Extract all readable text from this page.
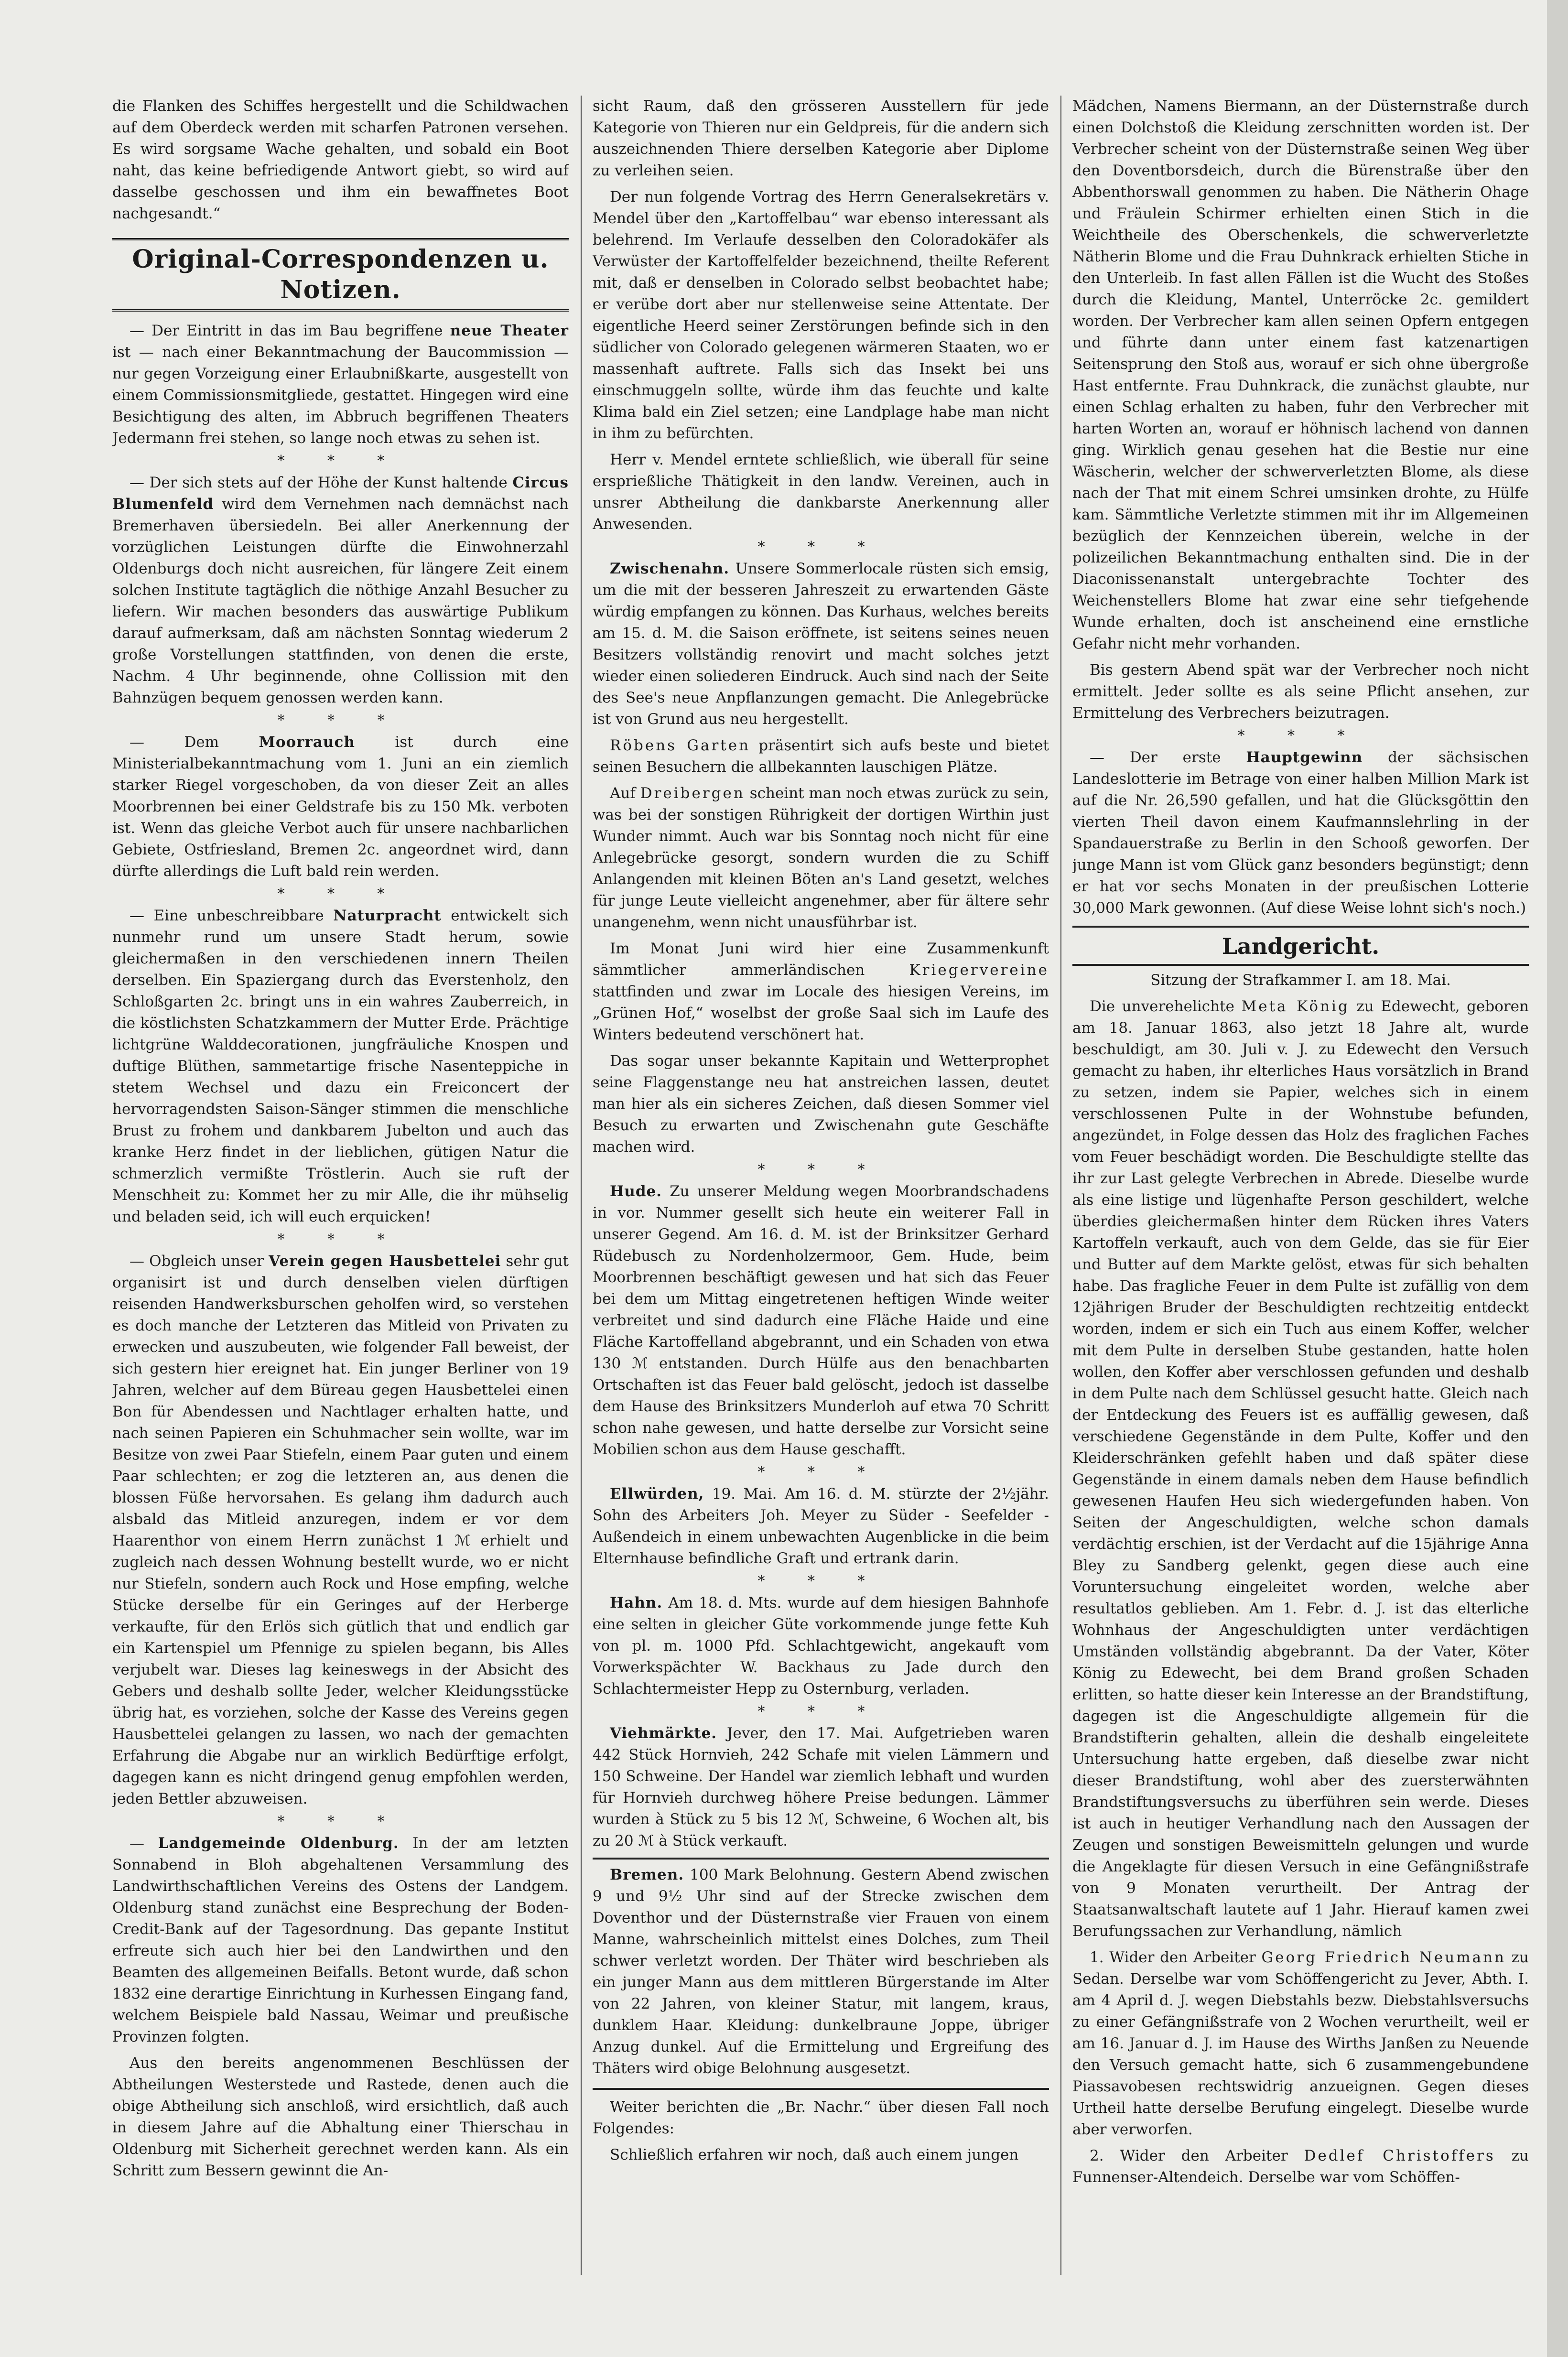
die Flanken des Schiffes hergestellt und die Schildwachen auf dem Oberdeck werden mit scharfen Patronen versehen. Es wird sorgsame Wache gehalten, und sobald ein Boot naht, das keine befriedigende Antwort giebt, so wird auf dasselbe geschossen und ihm ein bewaffnetes Boot nachgesandt.“

Original-Correspondenzen u. Notizen.

— Der Eintritt in das im Bau begriffene neue Theater ist — nach einer Bekanntmachung der Baucommission — nur gegen Vorzeigung einer Erlaubnißkarte, ausgestellt von einem Commissionsmitgliede, gestattet. Hingegen wird eine Besichtigung des alten, im Abbruch begriffenen Theaters Jedermann frei stehen, so lange noch etwas zu sehen ist.

* * *

— Der sich stets auf der Höhe der Kunst haltende Circus Blumenfeld wird dem Vernehmen nach demnächst nach Bremerhaven übersiedeln. Bei aller Anerkennung der vorzüglichen Leistungen dürfte die Einwohnerzahl Oldenburgs doch nicht ausreichen, für längere Zeit einem solchen Institute tagtäglich die nöthige Anzahl Besucher zu liefern. Wir machen besonders das auswärtige Publikum darauf aufmerksam, daß am nächsten Sonntag wiederum 2 große Vorstellungen stattfinden, von denen die erste, Nachm. 4 Uhr beginnende, ohne Collission mit den Bahnzügen bequem genossen werden kann.

* * *

— Dem	Moorrauch	ist durch eine Ministerialbekanntmachung vom 1. Juni an ein ziemlich starker Riegel vorgeschoben, da von dieser Zeit an alles Moorbrennen bei einer Geldstrafe bis zu 150 Mk. verboten ist. Wenn das gleiche Verbot auch für unsere nachbarlichen Gebiete, Ostfriesland, Bremen 2c. angeordnet wird, dann dürfte allerdings die Luft bald rein werden.

* * *

— Eine unbeschreibbare Naturpracht entwickelt sich nunmehr rund um unsere Stadt herum, sowie gleichermaßen in den verschiedenen innern Theilen derselben. Ein Spaziergang durch das Everstenholz, den Schloßgarten 2c. bringt uns in ein wahres Zauberreich, in die köstlichsten Schatzkammern der Mutter Erde. Prächtige lichtgrüne Walddecorationen, jungfräuliche Knospen und duftige Blüthen, sammetartige frische Nasenteppiche in stetem Wechsel und dazu ein Freiconcert der hervorragendsten Saison-Sänger stimmen die menschliche Brust zu frohem und dankbarem Jubelton und auch das kranke Herz findet in der lieblichen, gütigen Natur die schmerzlich vermißte Tröstlerin. Auch sie ruft der Menschheit zu: Kommet her zu mir Alle, die ihr mühselig und beladen seid, ich will euch erquicken!

* * *

— Obgleich unser Verein gegen Hausbettelei sehr gut organisirt ist und durch denselben vielen dürftigen reisenden Handwerksburschen geholfen wird, so verstehen es doch manche der Letzteren das Mitleid von Privaten zu erwecken und auszubeuten, wie folgender Fall beweist, der sich gestern hier ereignet hat. Ein junger Berliner von 19 Jahren, welcher auf dem Büreau gegen Hausbettelei einen Bon für Abendessen und Nachtlager erhalten hatte, und nach seinen Papieren ein Schuhmacher sein wollte, war im Besitze von zwei Paar Stiefeln, einem Paar guten und einem Paar schlechten; er zog die letzteren an, aus denen die blossen Füße hervorsahen. Es gelang ihm dadurch auch alsbald das Mitleid anzuregen, indem er vor dem Haarenthor von einem Herrn zunächst 1 ℳ erhielt und zugleich nach dessen Wohnung bestellt wurde, wo er nicht nur Stiefeln, sondern auch Rock und Hose empfing, welche Stücke derselbe für ein Geringes auf der Herberge verkaufte, für den Erlös sich gütlich that und endlich gar ein Kartenspiel um Pfennige zu spielen begann, bis Alles verjubelt war. Dieses lag keineswegs in der Absicht des Gebers und deshalb sollte Jeder, welcher Kleidungsstücke übrig hat, es vorziehen, solche der Kasse des Vereins gegen Hausbettelei gelangen zu lassen, wo nach der gemachten Erfahrung die Abgabe nur an wirklich Bedürftige erfolgt, dagegen kann es nicht dringend genug empfohlen werden, jeden Bettler abzuweisen.

* * *

— Landgemeinde Oldenburg. In der am letzten Sonnabend in Bloh abgehaltenen Versammlung des Landwirthschaftlichen Vereins des Ostens der Landgem. Oldenburg stand zunächst eine Besprechung der Boden-Credit-Bank auf der Tagesordnung. Das gepante Institut erfreute sich auch hier bei den Landwirthen und den Beamten des allgemeinen Beifalls. Betont wurde, daß schon 1832 eine derartige Einrichtung in Kurhessen Eingang fand, welchem Beispiele bald Nassau, Weimar und preußische Provinzen folgten.

Aus den bereits angenommenen Beschlüssen der Abtheilungen Westerstede und Rastede, denen auch die obige Abtheilung sich anschloß, wird ersichtlich, daß auch in diesem Jahre auf die Abhaltung einer Thierschau in Oldenburg mit Sicherheit gerechnet werden kann. Als ein Schritt zum Bessern gewinnt die An-

sicht Raum, daß den grösseren Ausstellern für jede Kategorie von Thieren nur ein Geldpreis, für die andern sich auszeichnenden Thiere derselben Kategorie aber Diplome zu verleihen seien.

Der nun folgende Vortrag des Herrn Generalsekretärs v. Mendel über den „Kartoffelbau“ war ebenso interessant als belehrend. Im Verlaufe desselben den Coloradokäfer als Verwüster der Kartoffelfelder bezeichnend, theilte Referent mit, daß er denselben in Colorado selbst beobachtet habe; er verübe dort aber nur stellenweise seine Attentate. Der eigentliche Heerd seiner Zerstörungen befinde sich in den südlicher von Colorado gelegenen wärmeren Staaten, wo er massenhaft auftrete. Falls sich das Insekt bei uns einschmuggeln sollte, würde ihm das feuchte und kalte Klima bald ein Ziel setzen; eine Landplage habe man nicht in ihm zu befürchten.

Herr v. Mendel erntete schließlich, wie überall für seine ersprießliche Thätigkeit in den landw. Vereinen, auch in unsrer Abtheilung die dankbarste Anerkennung aller Anwesenden.

* * *

Zwischenahn. Unsere Sommerlocale rüsten sich emsig, um die mit der besseren Jahreszeit zu erwartenden Gäste würdig empfangen zu können. Das Kurhaus, welches bereits am 15. d. M. die Saison eröffnete, ist seitens seines neuen Besitzers vollständig renovirt und macht solches jetzt wieder einen soliederen Eindruck. Auch sind nach der Seite des See's neue Anpflanzungen gemacht. Die Anlegebrücke ist von Grund aus neu hergestellt.

Röbens Garten präsentirt sich aufs beste und bietet seinen Besuchern die allbekannten lauschigen Plätze.

Auf Dreibergen scheint man noch etwas zurück zu sein, was bei der sonstigen Rührigkeit der dortigen Wirthin just Wunder nimmt. Auch war bis Sonntag noch nicht für eine Anlegebrücke gesorgt, sondern wurden die zu Schiff Anlangenden mit kleinen Böten an's Land gesetzt, welches für junge Leute vielleicht angenehmer, aber für ältere sehr unangenehm, wenn nicht unausführbar ist.

Im Monat Juni wird hier eine Zusammenkunft sämmtlicher ammerländischen	Kriegervereine stattfinden und zwar im Locale des hiesigen Vereins, im „Grünen Hof,“ woselbst der große Saal sich im Laufe des Winters bedeutend verschönert hat.

Das sogar unser bekannte Kapitain und Wetterprophet seine Flaggenstange neu hat anstreichen lassen, deutet man hier als ein sicheres Zeichen, daß diesen Sommer viel Besuch zu erwarten und Zwischenahn gute Geschäfte machen wird.

* * *

Hude. Zu unserer Meldung wegen Moorbrandschadens in vor. Nummer gesellt sich heute ein weiterer Fall in unserer Gegend. Am 16. d. M. ist der Brinksitzer Gerhard Rüdebusch zu Nordenholzermoor, Gem. Hude, beim Moorbrennen beschäftigt gewesen und hat sich das Feuer bei dem um Mittag eingetretenen heftigen Winde weiter verbreitet und sind dadurch eine Fläche Haide und eine Fläche Kartoffelland abgebrannt, und ein Schaden von etwa 130 ℳ entstanden. Durch Hülfe aus den benachbarten Ortschaften ist das Feuer bald gelöscht, jedoch ist dasselbe dem Hause des Brinksitzers Munderloh auf etwa 70 Schritt schon nahe gewesen, und hatte derselbe zur Vorsicht seine Mobilien schon aus dem Hause geschafft.

* * *

Ellwürden, 19. Mai. Am 16. d. M. stürzte der 2½jähr. Sohn des Arbeiters Joh. Meyer zu Süder - Seefelder - Außendeich in einem unbewachten Augenblicke in die beim Elternhause befindliche Graft und ertrank darin.

* * *

Hahn. Am 18. d. Mts. wurde auf dem hiesigen Bahnhofe eine selten in gleicher Güte vorkommende junge fette Kuh von pl. m. 1000 Pfd. Schlachtgewicht, angekauft vom Vorwerkspächter W. Backhaus zu Jade durch den Schlachtermeister Hepp zu Osternburg, verladen.

* * *

Viehmärkte. Jever, den 17. Mai. Aufgetrieben waren 442 Stück Hornvieh, 242 Schafe mit vielen Lämmern und 150 Schweine. Der Handel war ziemlich lebhaft und wurden für Hornvieh durchweg höhere Preise bedungen. Lämmer wurden à Stück zu 5 bis 12 ℳ, Schweine, 6 Wochen alt, bis zu 20 ℳ à Stück verkauft.

Bremen. 100 Mark Belohnung. Gestern Abend zwischen 9 und 9½ Uhr sind auf der Strecke zwischen dem Doventhor und der Düsternstraße vier Frauen von einem Manne, wahrscheinlich mittelst eines Dolches, zum Theil schwer verletzt worden. Der Thäter wird beschrieben als ein junger Mann aus dem mittleren Bürgerstande im Alter von 22 Jahren, von kleiner Statur, mit langem, kraus, dunklem Haar. Kleidung: dunkelbraune Joppe, übriger Anzug dunkel. Auf die Ermittelung und Ergreifung des Thäters wird obige Belohnung ausgesetzt.

Weiter berichten die „Br. Nachr.“ über diesen Fall noch Folgendes:

Schließlich erfahren wir noch, daß auch einem jungen

Mädchen, Namens Biermann, an der Düsternstraße durch einen Dolchstoß die Kleidung zerschnitten worden ist. Der Verbrecher scheint von der Düsternstraße seinen Weg über den Doventborsdeich, durch die Bürenstraße über den Abbenthorswall genommen zu haben. Die Nätherin Ohage und Fräulein Schirmer erhielten einen Stich in die Weichtheile des Oberschenkels, die schwerverletzte Nätherin Blome und die Frau Duhnkrack erhielten Stiche in den Unterleib. In fast allen Fällen ist die Wucht des Stoßes durch die Kleidung, Mantel, Unterröcke 2c. gemildert worden. Der Verbrecher kam allen seinen Opfern entgegen und führte dann unter einem fast katzenartigen Seitensprung den Stoß aus, worauf er sich ohne übergroße Hast entfernte. Frau Duhnkrack, die zunächst glaubte, nur einen Schlag erhalten zu haben, fuhr den Verbrecher mit harten Worten an, worauf er höhnisch lachend von dannen ging. Wirklich genau gesehen hat die Bestie nur eine Wäscherin, welcher der schwerverletzten Blome, als diese nach der That mit einem Schrei umsinken drohte, zu Hülfe kam. Sämmtliche Verletzte stimmen mit ihr im Allgemeinen bezüglich der Kennzeichen überein, welche in der polizeilichen Bekanntmachung enthalten sind. Die in der Diaconissenanstalt untergebrachte Tochter des Weichenstellers Blome hat zwar eine sehr tiefgehende Wunde erhalten, doch ist anscheinend eine ernstliche Gefahr nicht mehr vorhanden.

Bis gestern Abend spät war der Verbrecher noch nicht ermittelt. Jeder sollte es als seine Pflicht ansehen, zur Ermittelung des Verbrechers beizutragen.

* * *

— Der erste Hauptgewinn der sächsischen Landeslotterie im Betrage von einer halben Million Mark ist auf die Nr. 26,590 gefallen, und hat die Glücksgöttin den vierten Theil davon einem Kaufmannslehrling in der Spandauerstraße zu Berlin in den Schooß geworfen. Der junge Mann ist vom Glück ganz besonders begünstigt; denn er hat vor sechs Monaten in der preußischen Lotterie 30,000 Mark gewonnen. (Auf diese Weise lohnt sich's noch.)

Landgericht.

Sitzung der Strafkammer I. am 18. Mai.

Die unverehelichte Meta König zu Edewecht, geboren am 18. Januar 1863, also jetzt 18 Jahre alt, wurde beschuldigt, am 30. Juli v. J. zu Edewecht den Versuch gemacht zu haben, ihr elterliches Haus vorsätzlich in Brand zu setzen, indem sie Papier, welches sich in einem verschlossenen Pulte in der Wohnstube befunden, angezündet, in Folge dessen das Holz des fraglichen Faches vom Feuer beschädigt worden. Die Beschuldigte stellte das ihr zur Last gelegte Verbrechen in Abrede. Dieselbe wurde als eine listige und lügenhafte Person geschildert, welche überdies gleichermaßen hinter dem Rücken ihres Vaters Kartoffeln verkauft, auch von dem Gelde, das sie für Eier und Butter auf dem Markte gelöst, etwas für sich behalten habe. Das fragliche Feuer in dem Pulte ist zufällig von dem 12jährigen Bruder der Beschuldigten rechtzeitig entdeckt worden, indem er sich ein Tuch aus einem Koffer, welcher mit dem Pulte in derselben Stube gestanden, hatte holen wollen, den Koffer aber verschlossen gefunden und deshalb in dem Pulte nach dem Schlüssel gesucht hatte. Gleich nach der Entdeckung des Feuers ist es auffällig gewesen, daß verschiedene Gegenstände in dem Pulte, Koffer und den Kleiderschränken gefehlt haben und daß später diese Gegenstände in einem damals neben dem Hause befindlich gewesenen Haufen Heu sich wiedergefunden haben. Von Seiten der Angeschuldigten, welche schon damals verdächtig erschien, ist der Verdacht auf die 15jährige Anna Bley zu Sandberg gelenkt, gegen diese auch eine Voruntersuchung eingeleitet worden, welche aber resultatlos geblieben. Am 1. Febr. d. J. ist das elterliche Wohnhaus der Angeschuldigten unter verdächtigen Umständen vollständig abgebrannt. Da der Vater, Köter König zu Edewecht, bei dem Brand großen Schaden erlitten, so hatte dieser kein Interesse an der Brandstiftung, dagegen ist die Angeschuldigte allgemein für die Brandstifterin gehalten, allein die deshalb eingeleitete Untersuchung hatte ergeben, daß dieselbe zwar nicht dieser Brandstiftung, wohl aber des zuersterwähnten Brandstiftungsversuchs zu überführen sein werde. Dieses ist auch in heutiger Verhandlung nach den Aussagen der Zeugen und sonstigen Beweismitteln gelungen und wurde die Angeklagte für diesen Versuch in eine Gefängnißstrafe von 9 Monaten verurtheilt. Der Antrag der Staatsanwaltschaft lautete auf 1 Jahr. Hierauf kamen zwei Berufungssachen zur Verhandlung, nämlich

1. Wider den Arbeiter Georg Friedrich Neumann zu Sedan. Derselbe war vom Schöffengericht zu Jever, Abth. I. am 4 April d. J. wegen Diebstahls bezw. Diebstahlsversuchs zu einer Gefängnißstrafe von 2 Wochen verurtheilt, weil er am 16. Januar d. J. im Hause des Wirths Janßen zu Neuende den Versuch gemacht hatte, sich 6 zusammengebundene Piassavobesen rechtswidrig anzueignen. Gegen dieses Urtheil hatte derselbe Berufung eingelegt. Dieselbe wurde aber verworfen.

2. Wider den Arbeiter Dedlef Christoffers zu Funnenser-Altendeich. Derselbe war vom Schöffen-
